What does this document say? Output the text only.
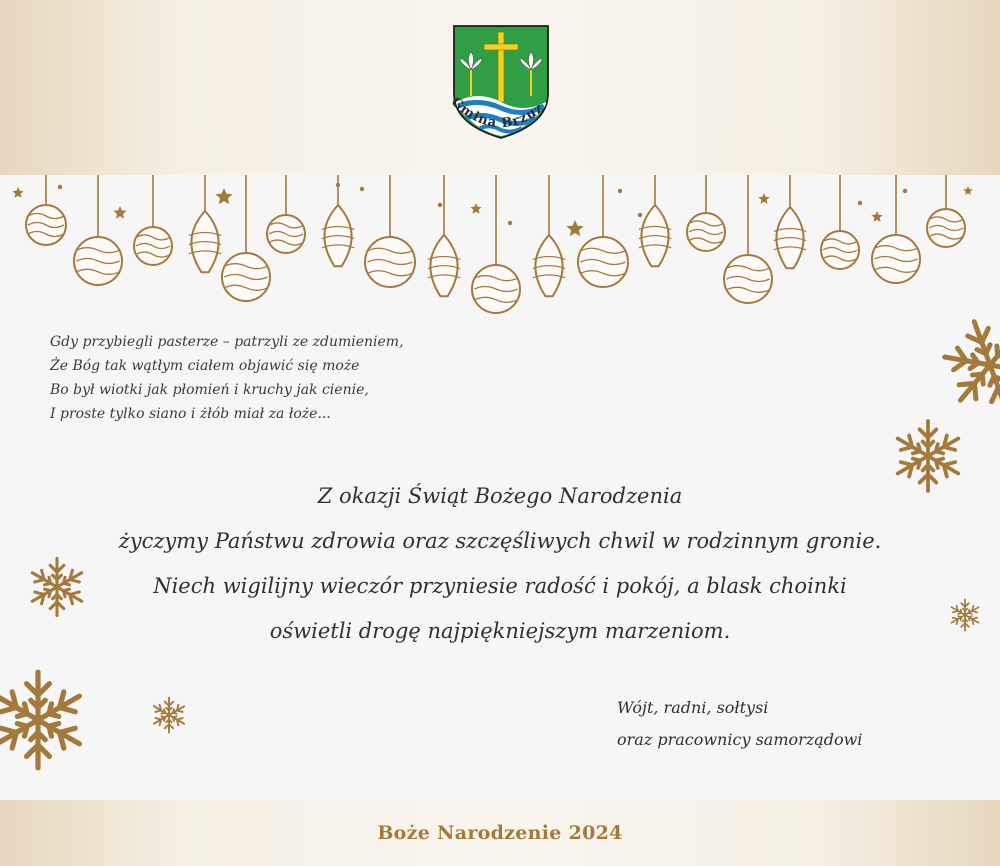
Gmina Brzuz
Gdy przybiegli pasterze – patrzyli ze zdumieniem,
Że Bóg tak wątłym ciałem objawić się może
Bo był wiotki jak płomień i kruchy jak cienie,
I proste tylko siano i żłób miał za łoże...
Z okazji Świąt Bożego Narodzenia
życzymy Państwu zdrowia oraz szczęśliwych chwil w rodzinnym gronie.
Niech wigilijny wieczór przyniesie radość i pokój, a blask choinki
oświetli drogę najpiękniejszym marzeniom.
Wójt, radni, sołtysi
oraz pracownicy samorządowi
Boże Narodzenie 2024
